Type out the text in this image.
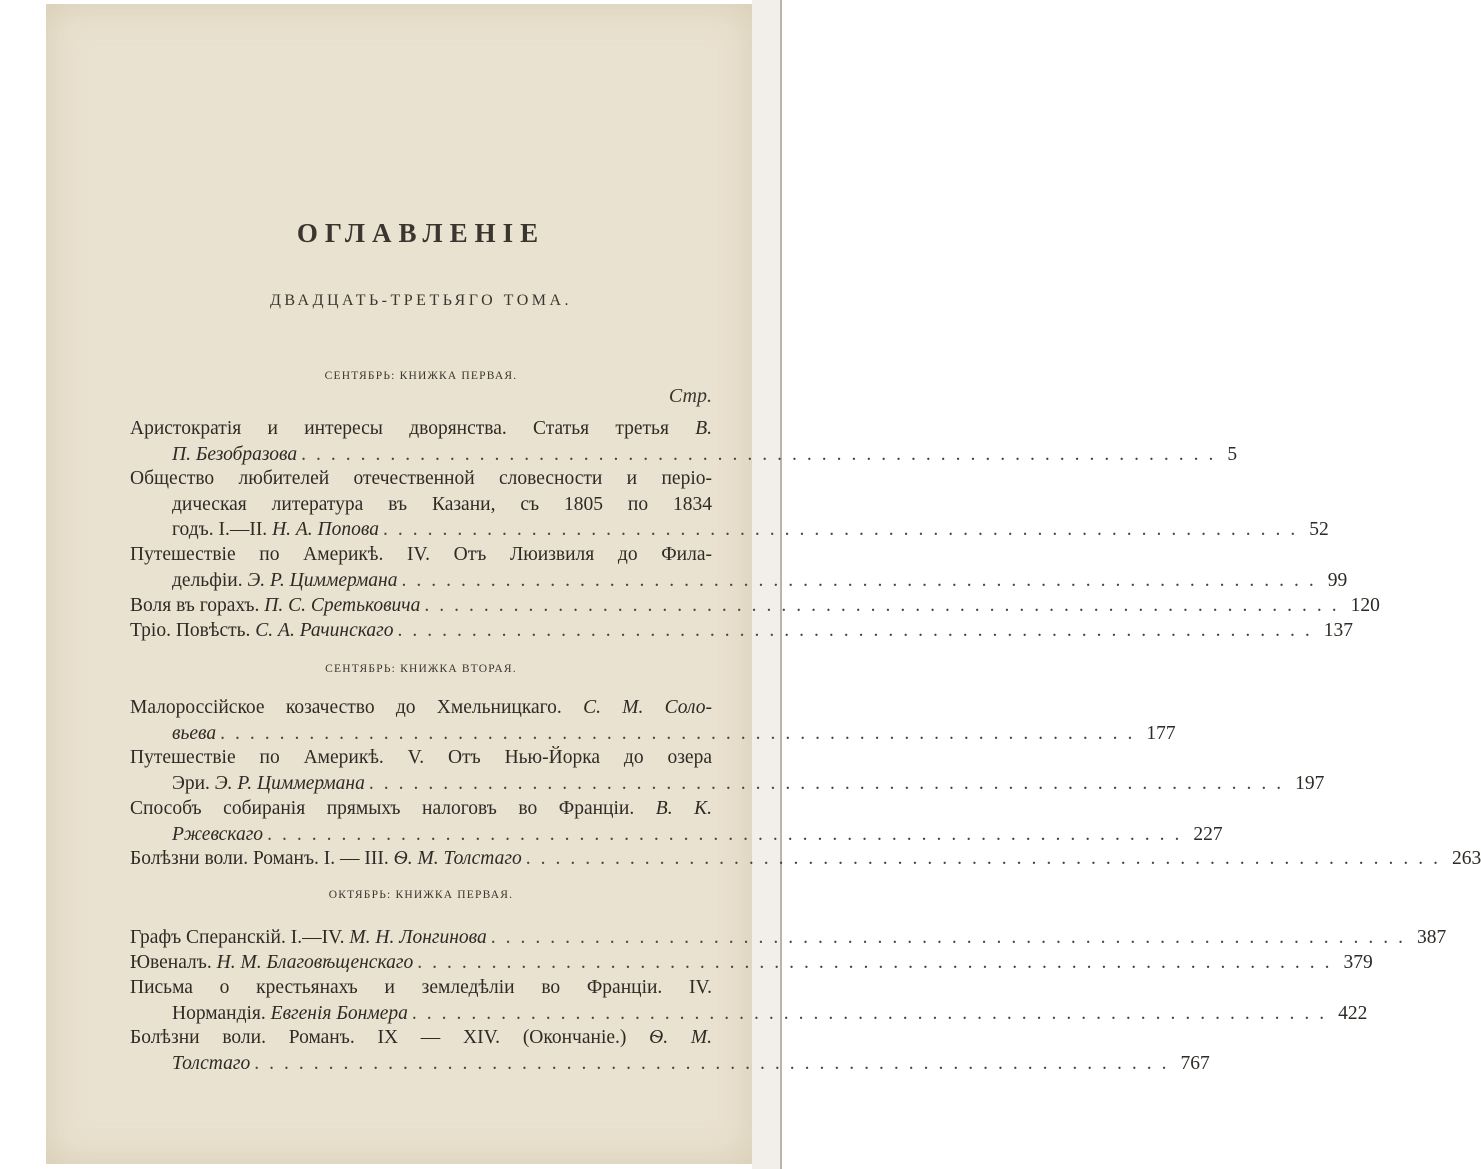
ОГЛАВЛЕНІЕ
ДВАДЦАТЬ-ТРЕТЬЯГО ТОМА.
СЕНТЯБРЬ: КНИЖКА ПЕРВАЯ.
Стр.
Аристократія и интересы дворянства. Статья третья В.
П. Безобразова .............................................................. 5
Общество любителей отечественной словесности и періо-
дическая литература въ Казани, съ 1805 по 1834
годъ. I.—II. Н. А. Попова .............................................................. 52
Путешествіе по Америкѣ. IV. Отъ Люизвиля до Фила-
дельфіи. Э. Р. Циммермана .............................................................. 99
Воля въ горахъ. П. С. Сретьковича .............................................................. 120
Тріо. Повѣсть. С. А. Рачинскаго .............................................................. 137
СЕНТЯБРЬ: КНИЖКА ВТОРАЯ.
Малороссійское козачество до Хмельницкаго. С. М. Соло-
вьева .............................................................. 177
Путешествіе по Америкѣ. V. Отъ Нью-Йорка до озера
Эри. Э. Р. Циммермана .............................................................. 197
Способъ собиранія прямыхъ налоговъ во Франціи. В. К.
Ржевскаго .............................................................. 227
Болѣзни воли. Романъ. I. — III. Ѳ. М. Толстаго .............................................................. 263
ОКТЯБРЬ: КНИЖКА ПЕРВАЯ.
Графъ Сперанскій. I.—IV. М. Н. Лонгинова .............................................................. 387
Ювеналъ. Н. М. Благовѣщенскаго .............................................................. 379
Письма о крестьянахъ и земледѣліи во Франціи. IV.
Нормандія. Евгенія Бонмера .............................................................. 422
Болѣзни воли. Романъ. IX — XIV. (Окончаніе.) Ѳ. М.
Толстаго .............................................................. 767
